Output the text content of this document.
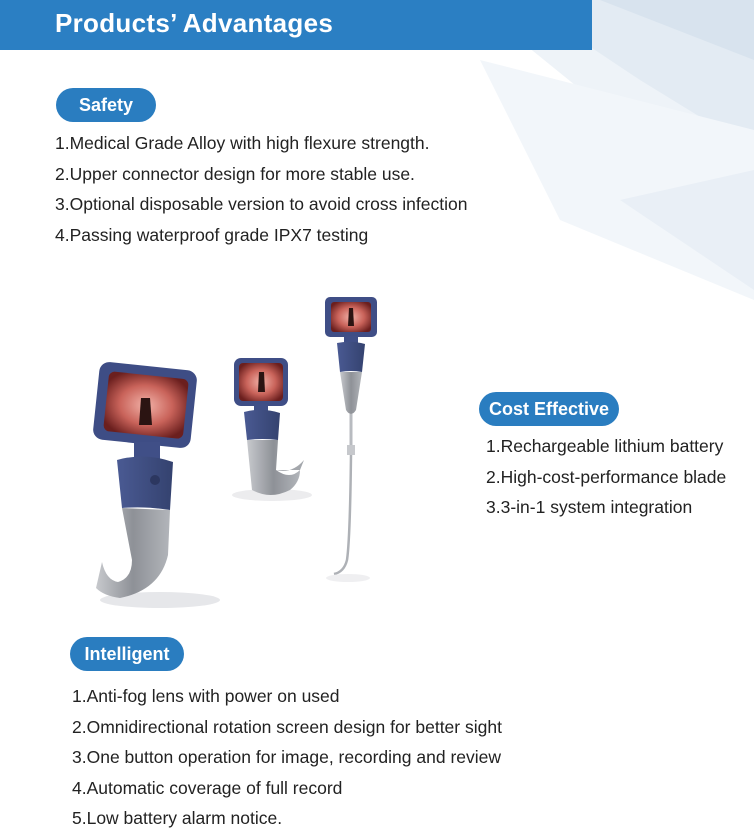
Products’ Advantages
Safety
1.Medical Grade Alloy with high flexure strength.
2.Upper connector design for more stable use.
3.Optional disposable version to avoid cross infection
4.Passing waterproof grade IPX7 testing
Cost Effective
1.Rechargeable lithium battery
2.High-cost-performance blade
3.3-in-1 system integration
Intelligent
1.Anti-fog lens with power on used
2.Omnidirectional rotation screen design for better sight
3.One button operation for image, recording and review
4.Automatic coverage of full record
5.Low battery alarm notice.
